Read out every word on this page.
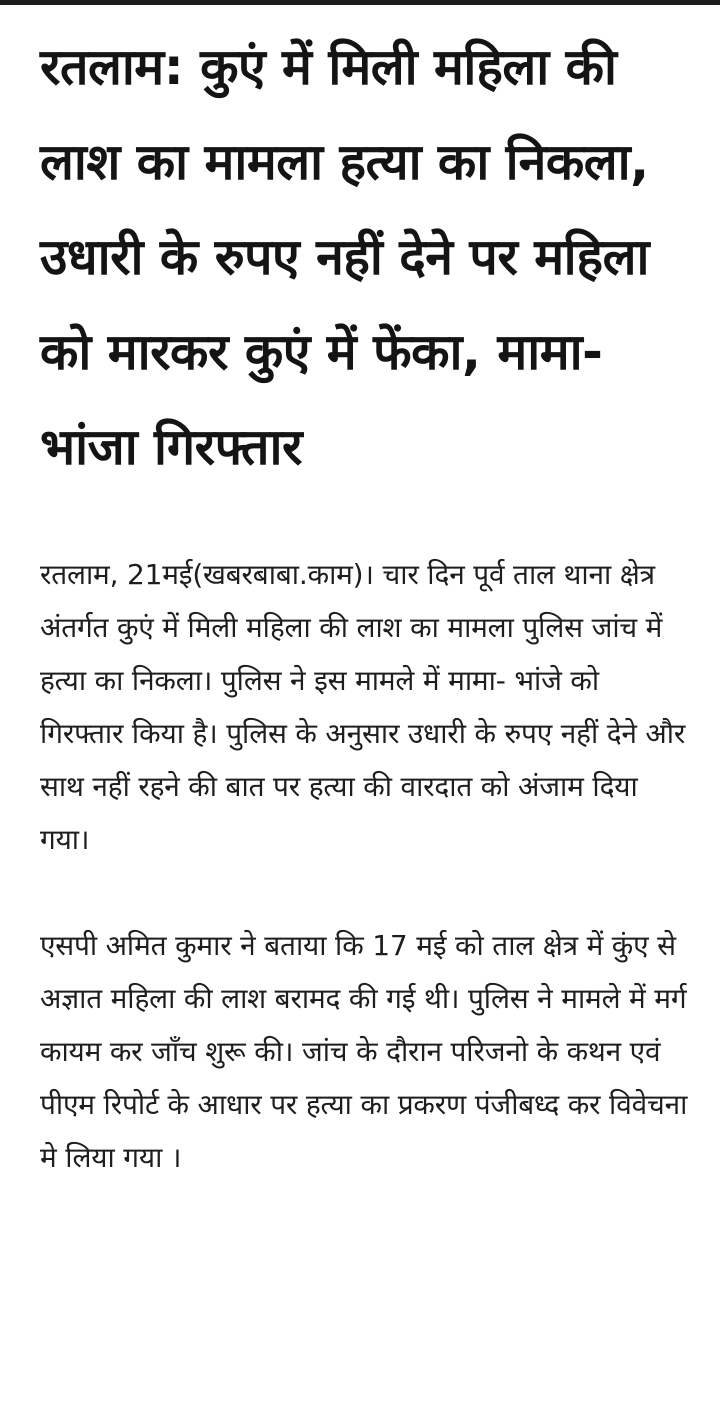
रतलाम: कुएं में मिली महिला की लाश का मामला हत्या का निकला, उधारी के रुपए नहीं देने पर महिला को मारकर कुएं में फेंका, मामा-भांजा गिरफ्तार

रतलाम, 21मई(खबरबाबा.काम)। चार दिन पूर्व ताल थाना क्षेत्र अंतर्गत कुएं में मिली महिला की लाश का मामला पुलिस जांच में हत्या का निकला। पुलिस ने इस मामले में मामा- भांजे को गिरफ्तार किया है। पुलिस के अनुसार उधारी के रुपए नहीं देने और साथ नहीं रहने की बात पर हत्या की वारदात को अंजाम दिया गया।

एसपी अमित कुमार ने बताया कि 17 मई को ताल क्षेत्र में कुंए से अज्ञात महिला की लाश बरामद की गई थी। पुलिस ने मामले में मर्ग कायम कर जाँच शुरू की। जांच के दौरान परिजनो के कथन एवं पीएम रिपोर्ट के आधार पर हत्या का प्रकरण पंजीबध्द कर विवेचना मे लिया गया ।
